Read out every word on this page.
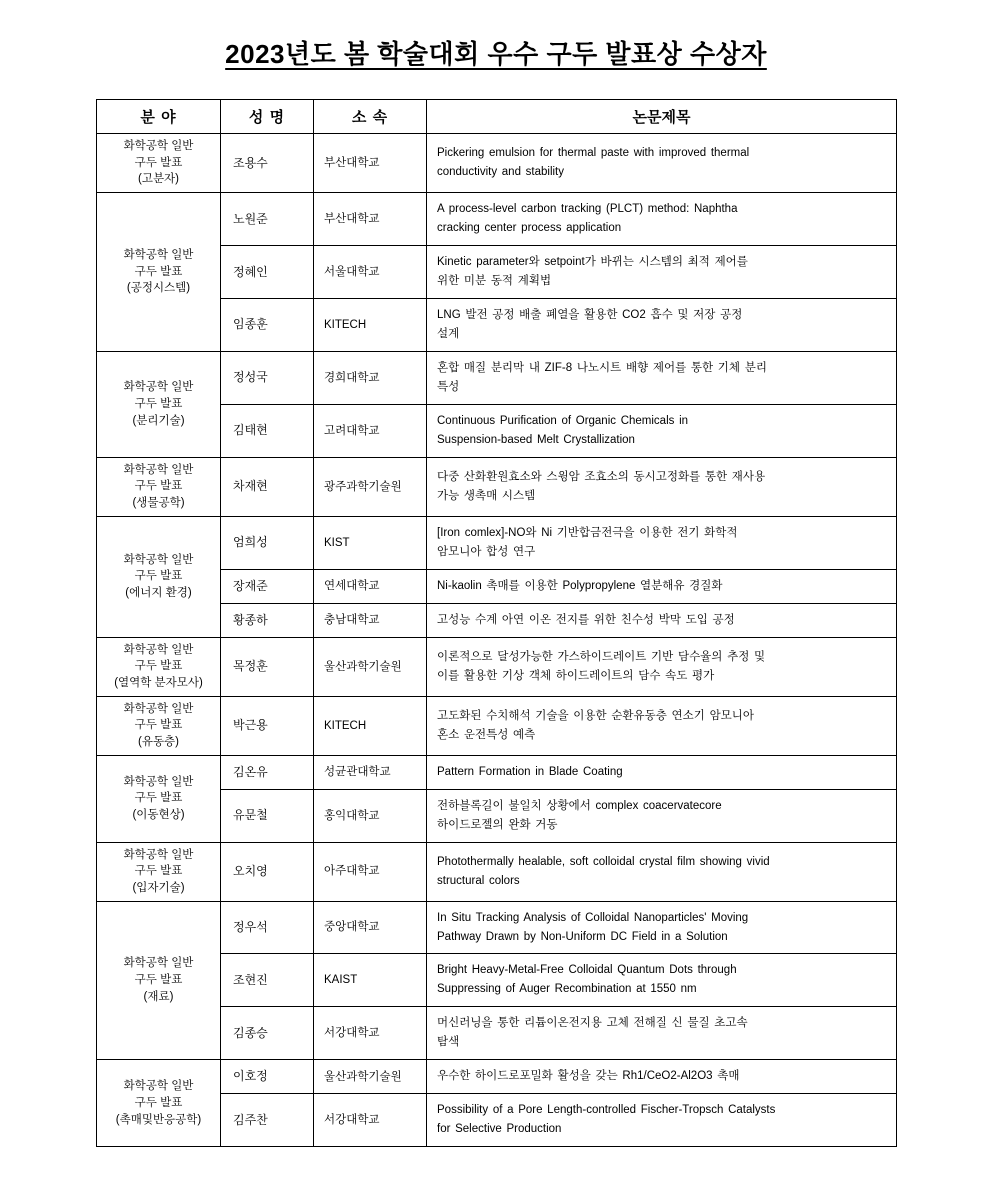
2023년도 봄 학술대회 우수 구두 발표상 수상자
분 야	성 명	소 속	논문제목

화학공학 일반
구두 발표
(고분자)	조용수	부산대학교	Pickering emulsion for thermal paste with improved thermal
conductivity and stability

화학공학 일반
구두 발표
(공정시스템)	노원준	부산대학교	A process-level carbon tracking (PLCT) method: Naphtha
cracking center process application
	정혜인	서울대학교	Kinetic parameter와 setpoint가 바뀌는 시스템의 최적 제어를
위한 미분 동적 계획법
	임종훈	KITECH	LNG 발전 공정 배출 폐열을 활용한 CO2 흡수 및 저장 공정
설계

화학공학 일반
구두 발표
(분리기술)	정성국	경희대학교	혼합 매질 분리막 내 ZIF-8 나노시트 배향 제어를 통한 기체 분리
특성
	김태현	고려대학교	Continuous Purification of Organic Chemicals in
Suspension-based Melt Crystallization

화학공학 일반
구두 발표
(생물공학)	차재현	광주과학기술원	다중 산화환원효소와 스윙암 조효소의 동시고정화를 통한 재사용
가능 생촉매 시스템

화학공학 일반
구두 발표
(에너지 환경)	엄희성	KIST	[Iron comlex]-NO와 Ni 기반합금전극을 이용한 전기 화학적
암모니아 합성 연구
	장재준	연세대학교	Ni-kaolin 촉매를 이용한 Polypropylene 열분해유 경질화
	황종하	충남대학교	고성능 수계 아연 이온 전지를 위한 친수성 박막 도입 공정

화학공학 일반
구두 발표
(열역학 분자모사)	목정훈	울산과학기술원	이론적으로 달성가능한 가스하이드레이트 기반 담수율의 추정 및
이를 활용한 기상 객체 하이드레이트의 담수 속도 평가

화학공학 일반
구두 발표
(유동층)	박근용	KITECH	고도화된 수치해석 기술을 이용한 순환유동층 연소기 암모니아
혼소 운전특성 예측

화학공학 일반
구두 발표
(이동현상)	김온유	성균관대학교	Pattern Formation in Blade Coating
	유문철	홍익대학교	전하블록길이 불일치 상황에서 complex coacervatecore
하이드로젤의 완화 거동

화학공학 일반
구두 발표
(입자기술)	오치영	아주대학교	Photothermally healable, soft colloidal crystal film showing vivid
structural colors

화학공학 일반
구두 발표
(재료)	정우석	중앙대학교	In Situ Tracking Analysis of Colloidal Nanoparticles' Moving
Pathway Drawn by Non-Uniform DC Field in a Solution
	조현진	KAIST	Bright Heavy-Metal-Free Colloidal Quantum Dots through
Suppressing of Auger Recombination at 1550 nm
	김종승	서강대학교	머신러닝을 통한 리튬이온전지용 고체 전해질 신 물질 초고속
탐색

화학공학 일반
구두 발표
(촉매및반응공학)	이호정	울산과학기술원	우수한 하이드로포밀화 활성을 갖는 Rh1/CeO2-Al2O3 촉매
	김주찬	서강대학교	Possibility of a Pore Length-controlled Fischer-Tropsch Catalysts
for Selective Production
